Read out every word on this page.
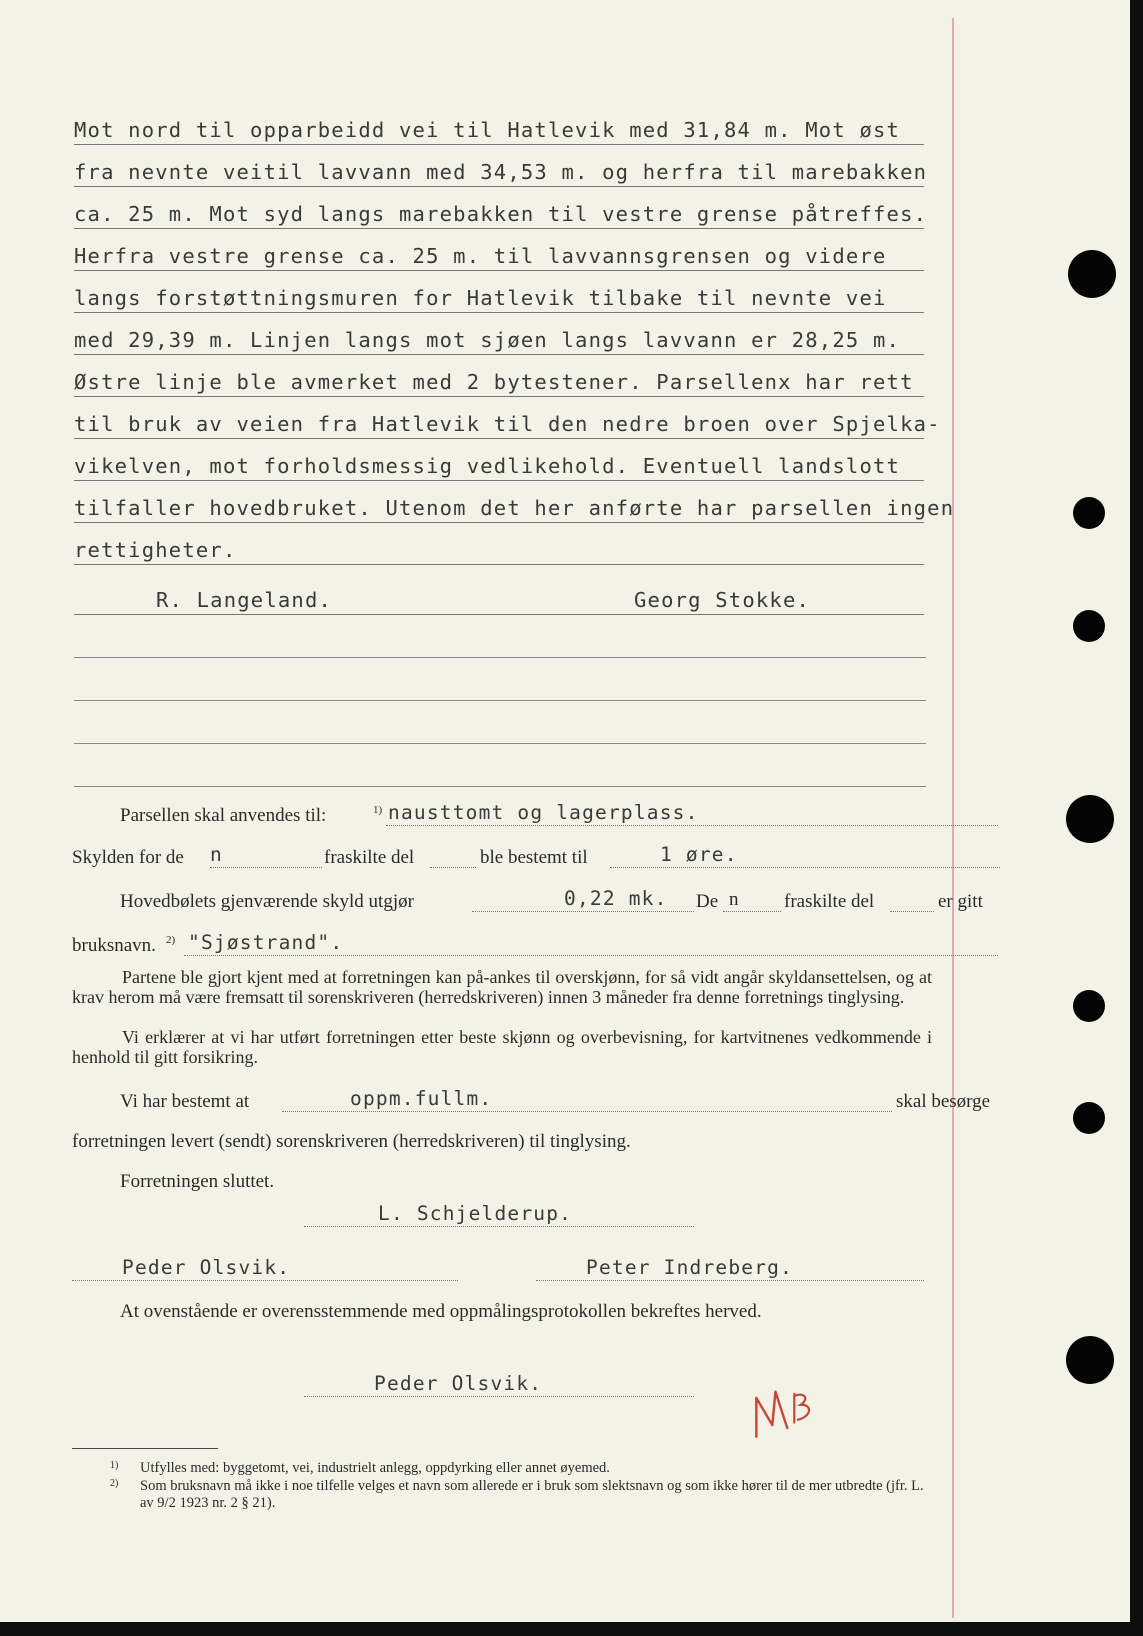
Mot nord til opparbeidd vei til Hatlevik med 31,84 m. Mot øst
fra nevnte veitil lavvann med 34,53 m. og herfra til marebakken
ca. 25 m. Mot syd langs marebakken til vestre grense påtreffes.
Herfra vestre grense ca. 25 m. til lavvannsgrensen og videre
langs forstøttningsmuren for Hatlevik tilbake til nevnte vei
med 29,39 m. Linjen langs mot sjøen langs lavvann er 28,25 m.
Østre linje ble avmerket med 2 bytestener. Parsellenx har rett
til bruk av veien fra Hatlevik til den nedre broen over Spjelka-
vikelven, mot forholdsmessig vedlikehold. Eventuell landslott
tilfaller hovedbruket. Utenom det her anførte har parsellen ingen
rettigheter.
R. Langeland.	Georg Stokke.
Parsellen skal anvendes til:	1) nausttomt og lagerplass.
Skylden for de n	fraskilte del	ble bestemt til	1 øre.
Hovedbølets gjenværende skyld utgjør	0,22 mk. De n fraskilte del	er gitt
bruksnavn. 2) "Sjøstrand".

Partene ble gjort kjent med at forretningen kan på-ankes til overskjønn, for så vidt angår skyldansettelsen, og at krav herom må være fremsatt til sorenskriveren (herredskriveren) innen 3 måneder fra denne forretnings tinglysing.

Vi erklærer at vi har utført forretningen etter beste skjønn og overbevisning, for kartvitnenes vedkommende i henhold til gitt forsikring.

Vi har bestemt at	oppm.fullm.	skal besørge
forretningen levert (sendt) sorenskriveren (herredskriveren) til tinglysing.
Forretningen sluttet.
L. Schjelderup.
Peder Olsvik.	Peter Indreberg.
At ovenstående er overensstemmende med oppmålingsprotokollen bekreftes herved.
Peder Olsvik.
1) Utfylles med: byggetomt, vei, industrielt anlegg, oppdyrking eller annet øyemed.
2) Som bruksnavn må ikke i noe tilfelle velges et navn som allerede er i bruk som slektsnavn og som ikke hører til de mer utbredte (jfr. L. av 9/2 1923 nr. 2 § 21).
